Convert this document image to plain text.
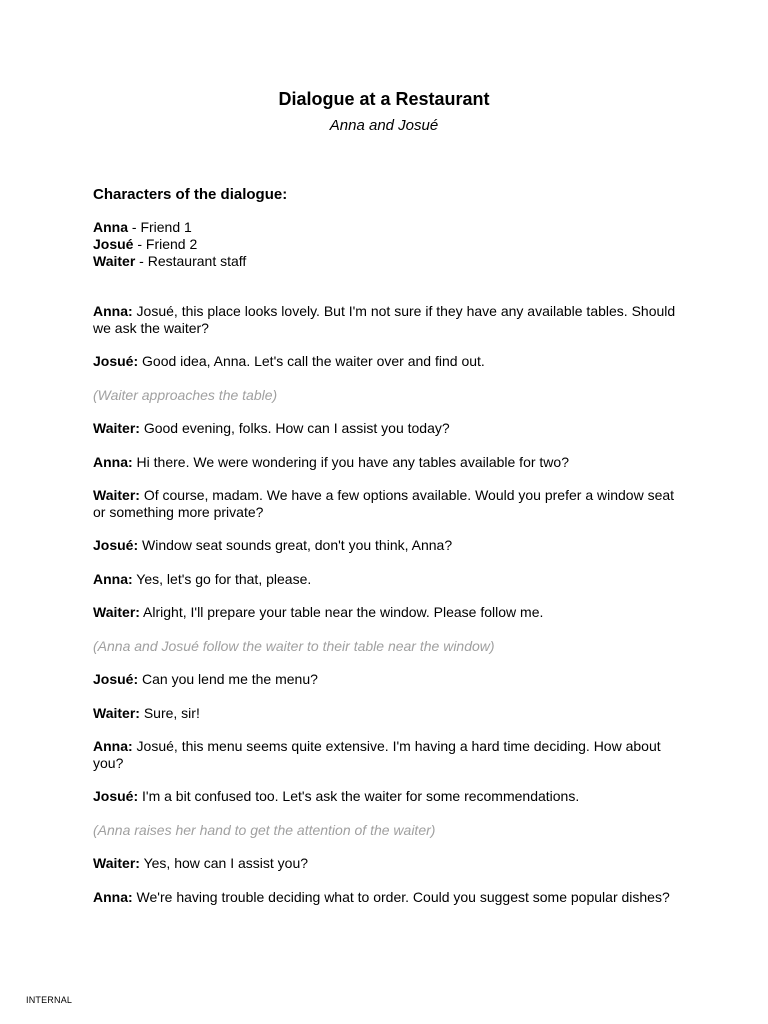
Dialogue at a Restaurant
Anna and Josué
Characters of the dialogue:
Anna - Friend 1
Josué - Friend 2
Waiter - Restaurant staff

Anna: Josué, this place looks lovely. But I'm not sure if they have any available tables. Should we ask the waiter?

Josué: Good idea, Anna. Let's call the waiter over and find out.

(Waiter approaches the table)

Waiter: Good evening, folks. How can I assist you today?

Anna: Hi there. We were wondering if you have any tables available for two?

Waiter: Of course, madam. We have a few options available. Would you prefer a window seat or something more private?

Josué: Window seat sounds great, don't you think, Anna?

Anna: Yes, let's go for that, please.

Waiter: Alright, I'll prepare your table near the window. Please follow me.

(Anna and Josué follow the waiter to their table near the window)

Josué: Can you lend me the menu?

Waiter: Sure, sir!

Anna: Josué, this menu seems quite extensive. I'm having a hard time deciding. How about you?

Josué: I'm a bit confused too. Let's ask the waiter for some recommendations.

(Anna raises her hand to get the attention of the waiter)

Waiter: Yes, how can I assist you?

Anna: We're having trouble deciding what to order. Could you suggest some popular dishes?

INTERNAL
